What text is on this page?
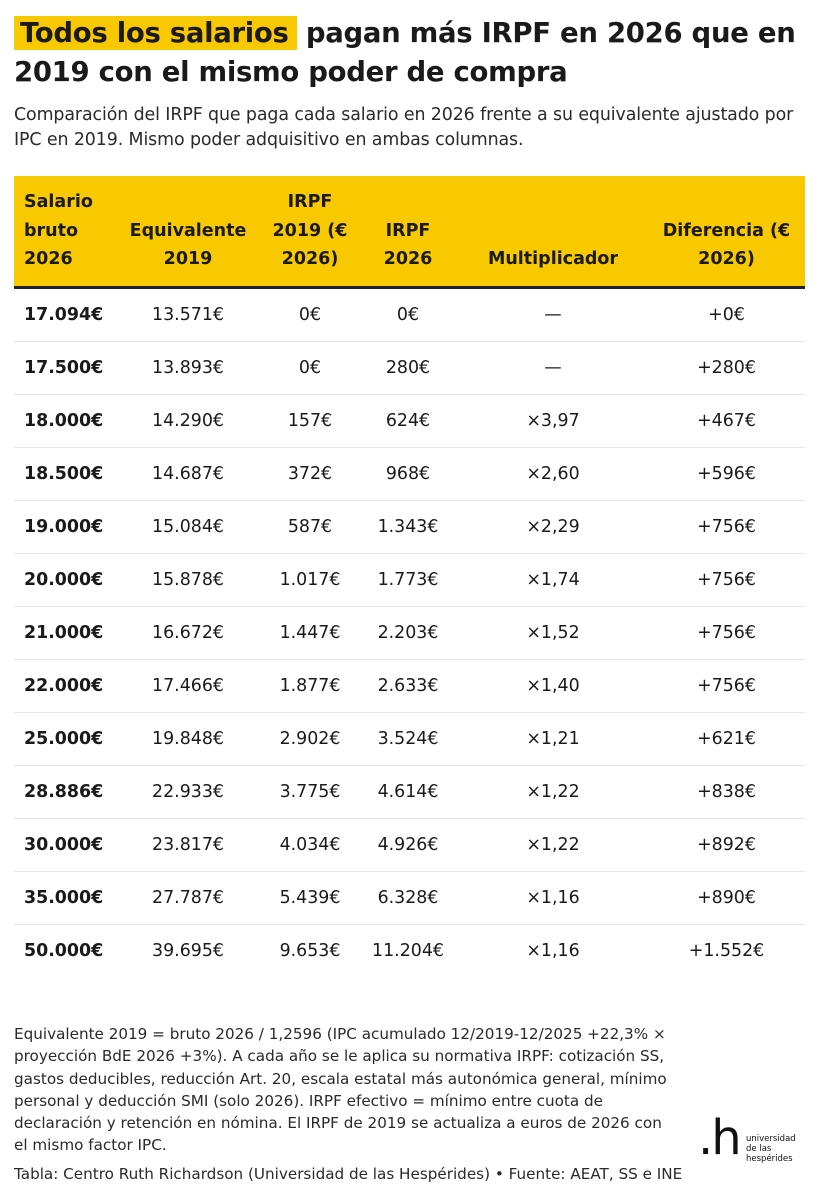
Todos los salarios pagan más IRPF en 2026 que en 2019 con el mismo poder de compra

Comparación del IRPF que paga cada salario en 2026 frente a su equivalente ajustado por IPC en 2019. Mismo poder adquisitivo en ambas columnas.

Salario bruto 2026	Equivalente 2019	IRPF 2019 (€ 2026)	IRPF 2026	Multiplicador	Diferencia (€ 2026)
17.094€	13.571€	0€	0€	—	+0€
17.500€	13.893€	0€	280€	—	+280€
18.000€	14.290€	157€	624€	×3,97	+467€
18.500€	14.687€	372€	968€	×2,60	+596€
19.000€	15.084€	587€	1.343€	×2,29	+756€
20.000€	15.878€	1.017€	1.773€	×1,74	+756€
21.000€	16.672€	1.447€	2.203€	×1,52	+756€
22.000€	17.466€	1.877€	2.633€	×1,40	+756€
25.000€	19.848€	2.902€	3.524€	×1,21	+621€
28.886€	22.933€	3.775€	4.614€	×1,22	+838€
30.000€	23.817€	4.034€	4.926€	×1,22	+892€
35.000€	27.787€	5.439€	6.328€	×1,16	+890€
50.000€	39.695€	9.653€	11.204€	×1,16	+1.552€

Equivalente 2019 = bruto 2026 / 1,2596 (IPC acumulado 12/2019-12/2025 +22,3% × proyección BdE 2026 +3%). A cada año se le aplica su normativa IRPF: cotización SS, gastos deducibles, reducción Art. 20, escala estatal más autonómica general, mínimo personal y deducción SMI (solo 2026). IRPF efectivo = mínimo entre cuota de declaración y retención en nómina. El IRPF de 2019 se actualiza a euros de 2026 con el mismo factor IPC.

Tabla: Centro Ruth Richardson (Universidad de las Hespérides) • Fuente: AEAT, SS e INE

.h universidad
de las
hespérides
